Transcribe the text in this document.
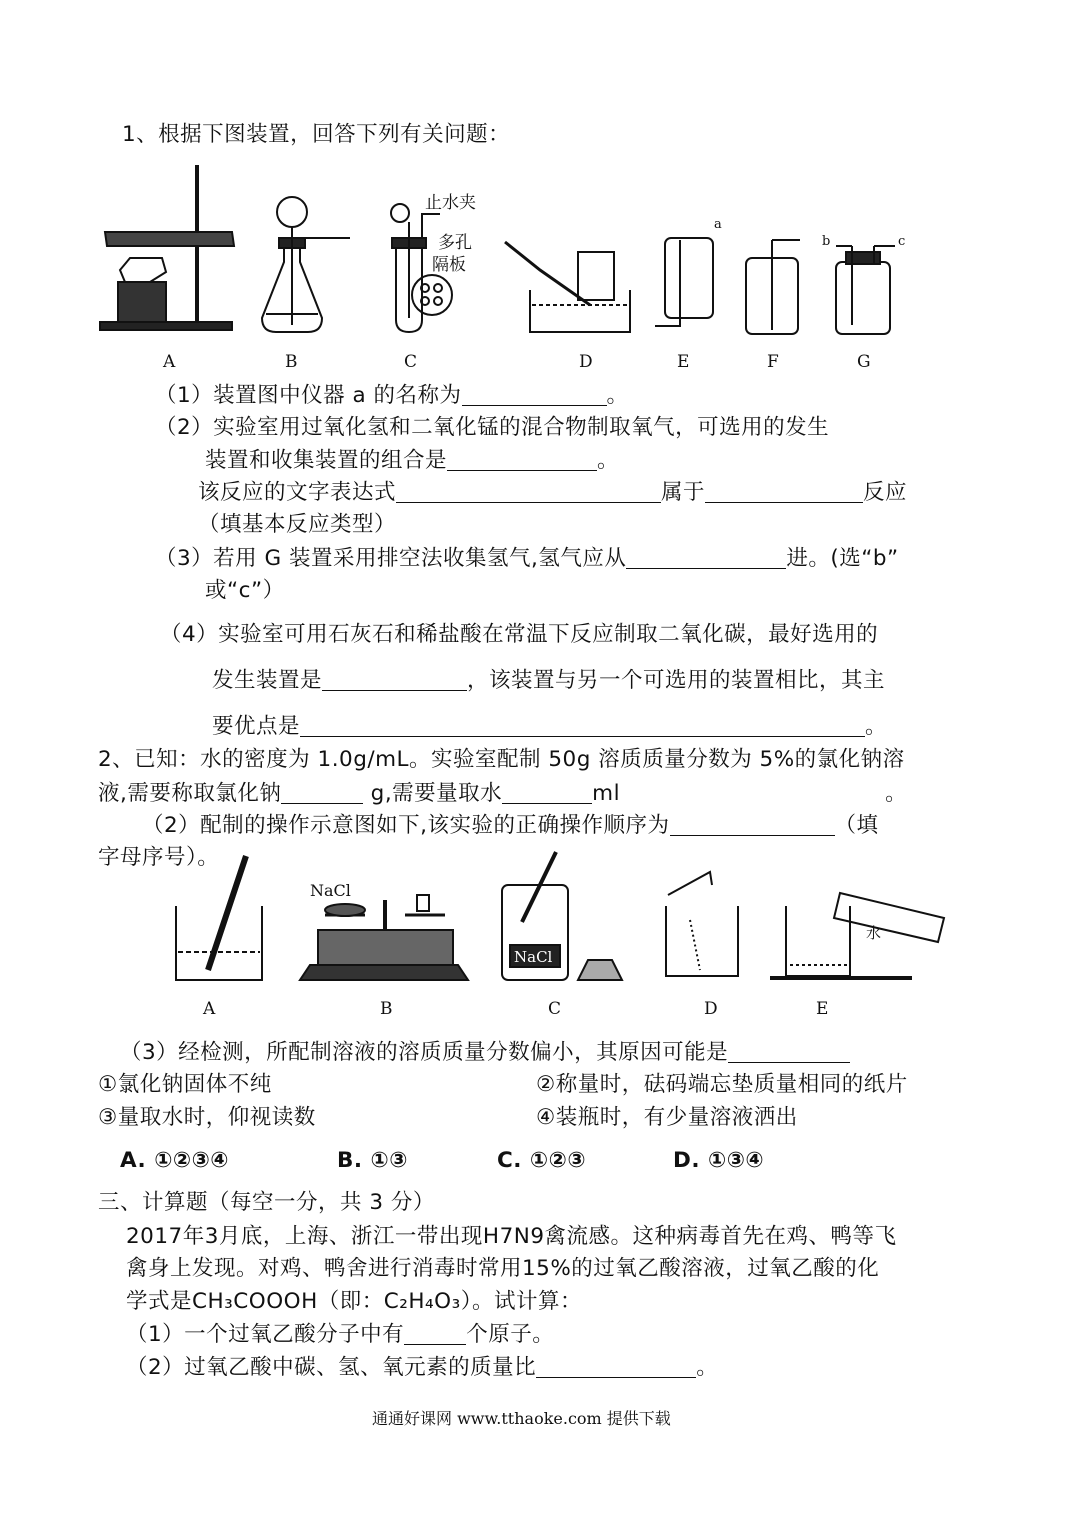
1、根据下图装置，回答下列有关问题：
止水夹
多孔
隔板
a
b	c
A	B	C	D	E	F	G
（1）装置图中仪器 a 的名称为	。
（2）实验室用过氧化氢和二氧化锰的混合物制取氧气，可选用的发生
装置和收集装置的组合是	。
该反应的文字表达式	属于	反应
（填基本反应类型）
（3）若用 G 装置采用排空法收集氢气,氢气应从	进。(选“b”
或“c”）
（4）实验室可用石灰石和稀盐酸在常温下反应制取二氧化碳，最好选用的
发生装置是	，该装置与另一个可选用的装置相比，其主
要优点是	。
2、已知：水的密度为 1.0g/mL。实验室配制 50g 溶质质量分数为 5%的氯化钠溶
液,需要称取氯化钠	g,需要量取水	ml	。
（2）配制的操作示意图如下,该实验的正确操作顺序为	（填
字母序号）。
NaCl
NaCl
水
A	B	C	D	E
（3）经检测，所配制溶液的溶质质量分数偏小，其原因可能是
①氯化钠固体不纯	②称量时，砝码端忘垫质量相同的纸片
③量取水时，仰视读数	④装瓶时，有少量溶液洒出
A. ①②③④	B. ①③	C. ①②③	D. ①③④
三、计算题（每空一分，共 3 分）
2017年3月底，上海、浙江一带出现H7N9禽流感。这种病毒首先在鸡、鸭等飞
禽身上发现。对鸡、鸭舍进行消毒时常用15%的过氧乙酸溶液，过氧乙酸的化
学式是CH₃COOOH（即：C₂H₄O₃）。试计算：
（1）一个过氧乙酸分子中有	个原子。
（2）过氧乙酸中碳、氢、氧元素的质量比	。
通通好课网 www.tthaoke.com 提供下载
